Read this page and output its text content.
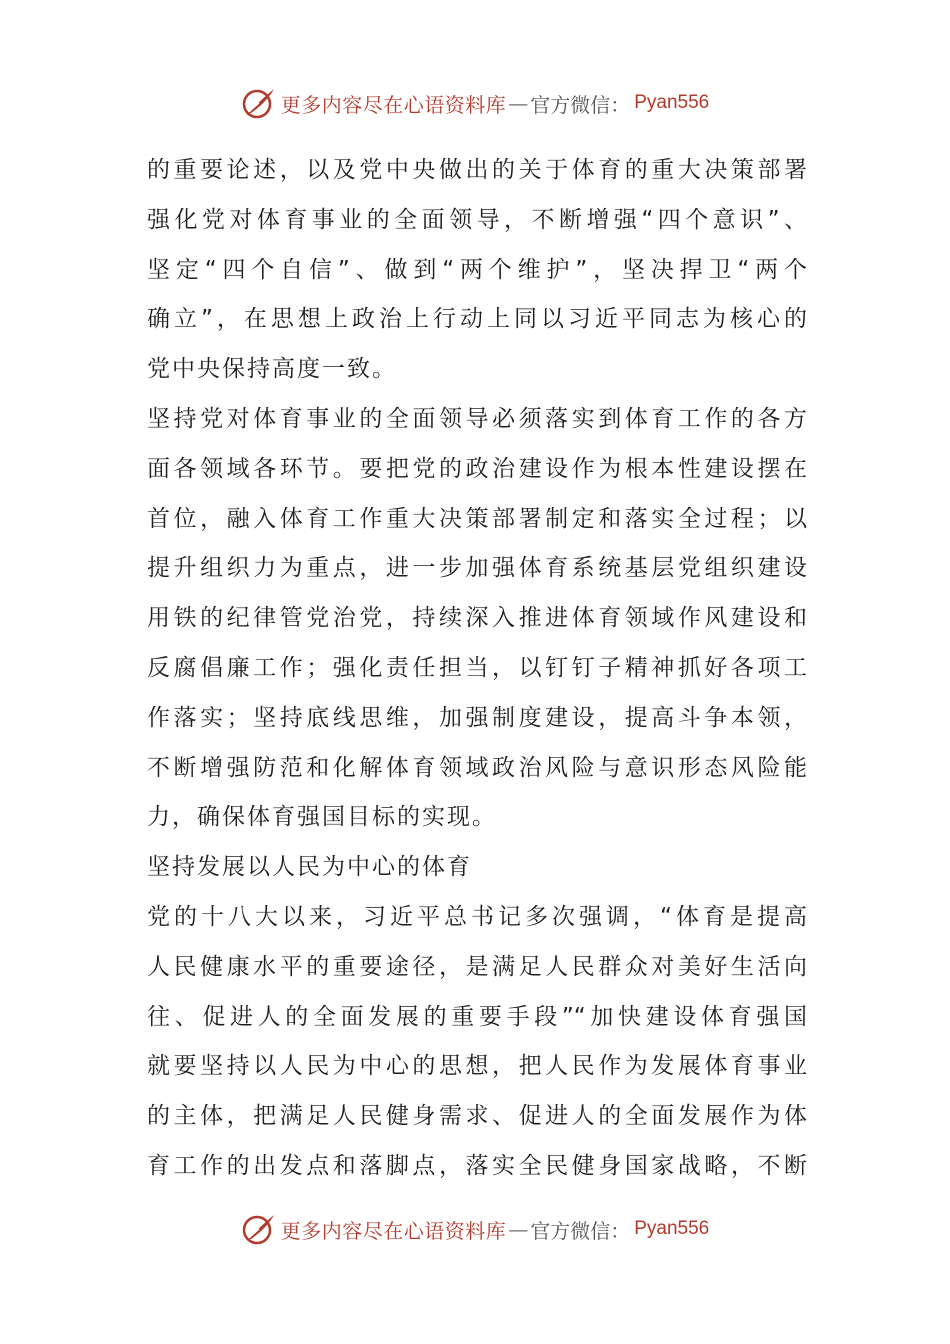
更多内容尽在心语资料库 — 官方微信： Pyan556
的重要论述，以及党中央做出的关于体育的重大决策部署
强化党对体育事业的全面领导，不断增强“四个意识”、
坚定“四个自信”、做到“两个维护”，坚决捍卫“两个
确立”，在思想上政治上行动上同以习近平同志为核心的
党中央保持高度一致。
坚持党对体育事业的全面领导必须落实到体育工作的各方
面各领域各环节。要把党的政治建设作为根本性建设摆在
首位，融入体育工作重大决策部署制定和落实全过程；以
提升组织力为重点，进一步加强体育系统基层党组织建设
用铁的纪律管党治党，持续深入推进体育领域作风建设和
反腐倡廉工作；强化责任担当，以钉钉子精神抓好各项工
作落实；坚持底线思维，加强制度建设，提高斗争本领，
不断增强防范和化解体育领域政治风险与意识形态风险能
力，确保体育强国目标的实现。
坚持发展以人民为中心的体育
党的十八大以来，习近平总书记多次强调，“体育是提高
人民健康水平的重要途径，是满足人民群众对美好生活向
往、促进人的全面发展的重要手段”“加快建设体育强国
就要坚持以人民为中心的思想，把人民作为发展体育事业
的主体，把满足人民健身需求、促进人的全面发展作为体
育工作的出发点和落脚点，落实全民健身国家战略，不断
更多内容尽在心语资料库 — 官方微信： Pyan556
